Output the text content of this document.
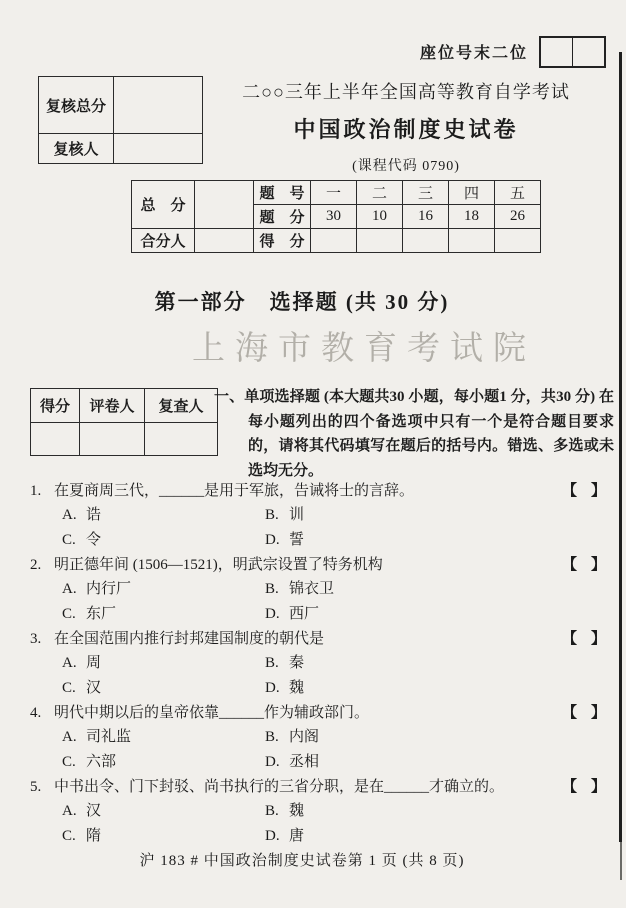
座位号末二位
复核总分	
复核人	
二○○三年上半年全国高等教育自学考试
中国政治制度史试卷
(课程代码 0790)
总　分		题　号	一	二	三	四	五
		题　分	30	10	16	18	26
合分人		得　分					
第一部分　选择题 (共 30 分)
上海市教育考试院
得分	评卷人	复查人

一、单项选择题 (本大题共30 小题，每小题1 分，共30 分) 在每小题列出的四个备选项中只有一个是符合题目要求的，请将其代码填写在题后的括号内。错选、多选或未选均无分。
1. 在夏商周三代，______是用于军旅，告诫将士的言辞。	【 】
A. 诰	B. 训
C. 令	D. 誓
2. 明正德年间 (1506—1521)，明武宗设置了特务机构	【 】
A. 内行厂	B. 锦衣卫
C. 东厂	D. 西厂
3. 在全国范围内推行封邦建国制度的朝代是	【 】
A. 周	B. 秦
C. 汉	D. 魏
4. 明代中期以后的皇帝依靠______作为辅政部门。	【 】
A. 司礼监	B. 内阁
C. 六部	D. 丞相
5. 中书出令、门下封驳、尚书执行的三省分职，是在______才确立的。	【 】
A. 汉	B. 魏
C. 隋	D. 唐
沪 183 # 中国政治制度史试卷第 1 页 (共 8 页)
